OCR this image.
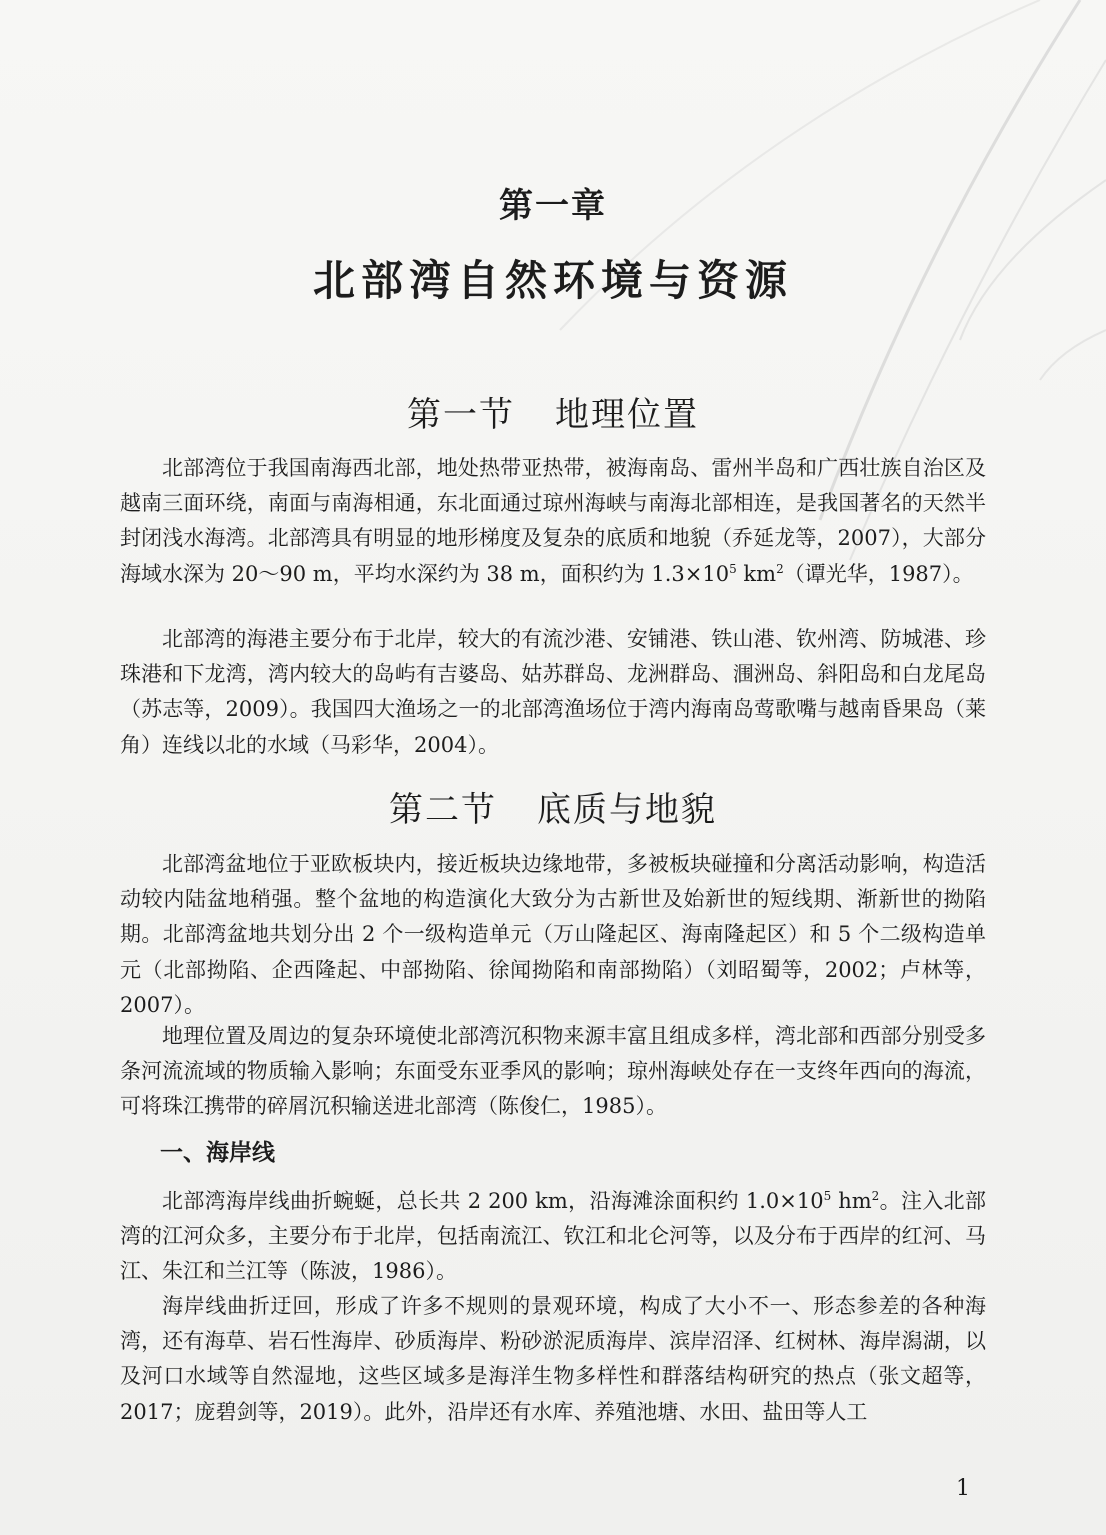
第一章
北部湾自然环境与资源
第一节 地理位置

北部湾位于我国南海西北部，地处热带亚热带，被海南岛、雷州半岛和广西壮族自治区及越南三面环绕，南面与南海相通，东北面通过琼州海峡与南海北部相连，是我国著名的天然半封闭浅水海湾。北部湾具有明显的地形梯度及复杂的底质和地貌（乔延龙等，2007），大部分海域水深为 20～90 m，平均水深约为 38 m，面积约为 $1.3\times 10^5$ $km^2$（谭光华，1987）。

北部湾的海港主要分布于北岸，较大的有流沙港、安铺港、铁山港、钦州湾、防城港、珍珠港和下龙湾，湾内较大的岛屿有吉婆岛、姑苏群岛、龙洲群岛、涠洲岛、斜阳岛和白龙尾岛（苏志等，2009）。我国四大渔场之一的北部湾渔场位于湾内海南岛莺歌嘴与越南昏果岛（莱角）连线以北的水域（马彩华，2004）。

第二节 底质与地貌

北部湾盆地位于亚欧板块内，接近板块边缘地带，多被板块碰撞和分离活动影响，构造活动较内陆盆地稍强。整个盆地的构造演化大致分为古新世及始新世的短线期、渐新世的拗陷期。北部湾盆地共划分出 2 个一级构造单元（万山隆起区、海南隆起区）和 5 个二级构造单元（北部拗陷、企西隆起、中部拗陷、徐闻拗陷和南部拗陷）（刘昭蜀等，2002；卢林等，2007）。

地理位置及周边的复杂环境使北部湾沉积物来源丰富且组成多样，湾北部和西部分别受多条河流流域的物质输入影响；东面受东亚季风的影响；琼州海峡处存在一支终年西向的海流，可将珠江携带的碎屑沉积输送进北部湾（陈俊仁，1985）。

一、海岸线

北部湾海岸线曲折蜿蜒，总长共 2 200 km，沿海滩涂面积约 $1.0\times 10^5$ $hm^2$。注入北部湾的江河众多，主要分布于北岸，包括南流江、钦江和北仑河等，以及分布于西岸的红河、马江、朱江和兰江等（陈波，1986）。

海岸线曲折迂回，形成了许多不规则的景观环境，构成了大小不一、形态参差的各种海湾，还有海草、岩石性海岸、砂质海岸、粉砂淤泥质海岸、滨岸沼泽、红树林、海岸潟湖，以及河口水域等自然湿地，这些区域多是海洋生物多样性和群落结构研究的热点（张文超等，2017；庞碧剑等，2019）。此外，沿岸还有水库、养殖池塘、水田、盐田等人工

1
